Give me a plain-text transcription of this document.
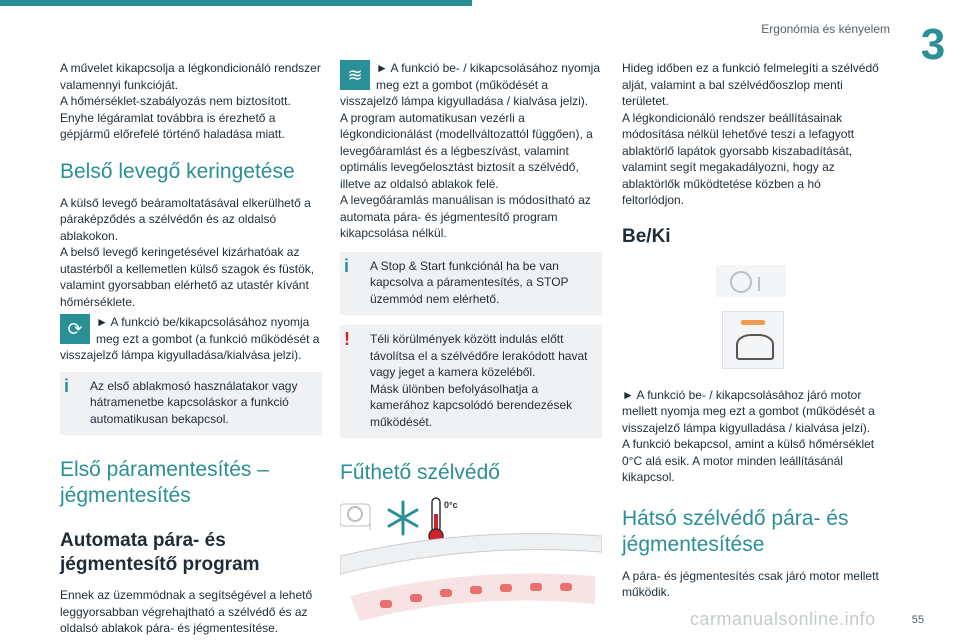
Ergonómia és kényelem 3

A művelet kikapcsolja a légkondicionáló rendszer valamennyi funkcióját.
A hőmérséklet-szabályozás nem biztosított.
Enyhe légáramlat továbbra is érezhető a gépjármű előrefelé történő haladása miatt.

Belső levegő keringetése

A külső levegő beáramoltatásával elkerülhető a páraképződés a szélvédőn és az oldalsó ablakokon.
A belső levegő keringetésével kizárhatóak az utastérből a kellemetlen külső szagok és füstök, valamint gyorsabban elérhető az utastér kívánt hőmérséklete.

⟳	► A funkció be/kikapcsolásához nyomja meg ezt a gombot (a funkció működését a visszajelző lámpa kigyulladása/kialvása jelzi).
i	Az első ablakmosó használatakor vagy hátramenetbe kapcsoláskor a funkció automatikusan bekapcsol.
Első páramentesítés – jégmentesítés
Automata pára- és jégmentesítő program

Ennek az üzemmódnak a segítségével a lehető leggyorsabban végrehajtható a szélvédő és az oldalsó ablakok pára- és jégmentesítése.

≋	► A funkció be- / kikapcsolásához nyomja meg ezt a gombot (működését a visszajelző lámpa kigyulladása / kialvása jelzi).

A program automatikusan vezérli a légkondicionálást (modellváltozattól függően), a levegőáramlást és a légbeszívást, valamint optimális levegőelosztást biztosít a szélvédő, illetve az oldalsó ablakok felé.
A levegőáramlás manuálisan is módosítható az automata pára- és jégmentesítő program kikapcsolása nélkül.

i	A Stop & Start funkciónál ha be van kapcsolva a páramentesítés, a STOP üzemmód nem elérhető.
!	Téli körülmények között indulás előtt távolítsa el a szélvédőre lerakódott havat vagy jeget a kamera közeléből.
Másk ülönben befolyásolhatja a kamerához kapcsolódó berendezések működését.
Fűthető szélvédő
0°c

Hideg időben ez a funkció felmelegíti a szélvédő alját, valamint a bal szélvédőoszlop menti területet.
A légkondicionáló rendszer beállításainak módosítása nélkül lehetővé teszi a lefagyott ablaktörlő lapátok gyorsabb kiszabadítását, valamint segít megakadályozni, hogy az ablaktörlők működtetése közben a hó feltorlódjon.

Be/Ki

► A funkció be- / kikapcsolásához járó motor mellett nyomja meg ezt a gombot (működését a visszajelző lámpa kigyulladása / kialvása jelzi).
A funkció bekapcsol, amint a külső hőmérséklet 0°C alá esik. A motor minden leállításánál kikapcsol.

Hátsó szélvédő pára- és jégmentesítése

A pára- és jégmentesítés csak járó motor mellett működik.

carmanualsonline.info	55
